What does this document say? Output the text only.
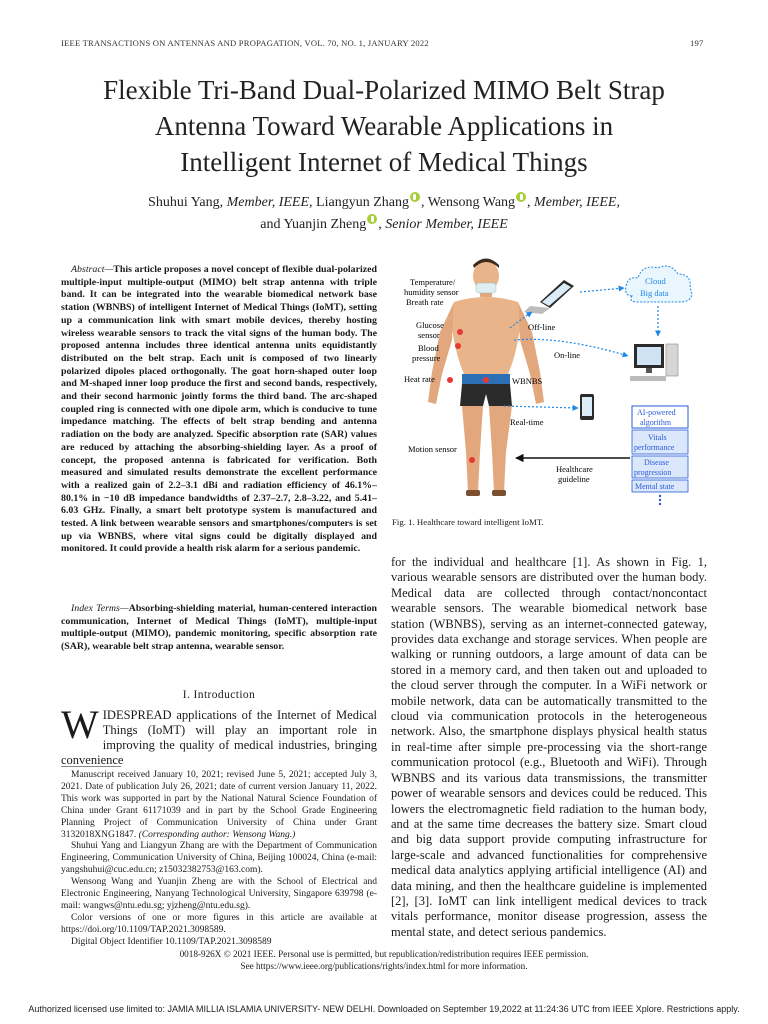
IEEE TRANSACTIONS ON ANTENNAS AND PROPAGATION, VOL. 70, NO. 1, JANUARY 2022	197
Flexible Tri-Band Dual-Polarized MIMO Belt Strap
Antenna Toward Wearable Applications in
Intelligent Internet of Medical Things
Shuhui Yang, Member, IEEE, Liangyun Zhang , Wensong Wang , Member, IEEE,
and Yuanjin Zheng , Senior Member, IEEE
Abstract—This article proposes a novel concept of flexible dual-polarized multiple-input multiple-output (MIMO) belt strap antenna with triple band. It can be integrated into the wearable biomedical network base station (WBNBS) of intelligent Internet of Medical Things (IoMT), setting up a communication link with smart mobile devices, thereby hosting wireless wearable sensors to track the vital signs of the human body. The proposed antenna includes three identical antenna units equidistantly distributed on the belt strap. Each unit is composed of two linearly polarized dipoles placed orthogonally. The goat horn-shaped outer loop and M-shaped inner loop produce the first and second bands, respectively, and their second harmonic jointly forms the third band. The arc-shaped coupled ring is connected with one dipole arm, which is conducive to tune impedance matching. The effects of belt strap bending and antenna radiation on the body are analyzed. Specific absorption rate (SAR) values are reduced by attaching the absorbing-shielding layer. As a proof of concept, the proposed antenna is fabricated for verification. Both measured and simulated results demonstrate the excellent performance with a realized gain of 2.2–3.1 dBi and radiation efficiency of 46.1%–80.1% in −10 dB impedance bandwidths of 2.37–2.7, 2.8–3.22, and 5.41–6.03 GHz. Finally, a smart belt prototype system is manufactured and tested. A link between wearable sensors and smartphones/computers is set up via WBNBS, where vital signs could be digitally displayed and monitored. It could provide a health risk alarm for a serious pandemic.
Index Terms—Absorbing-shielding material, human-centered interaction communication, Internet of Medical Things (IoMT), multiple-input multiple-output (MIMO), pandemic monitoring, specific absorption rate (SAR), wearable belt strap antenna, wearable sensor.
I. Introduction
WIDESPREAD applications of the Internet of Medical Things (IoMT) will play an important role in improving the quality of medical industries, bringing convenience

Manuscript received January 10, 2021; revised June 5, 2021; accepted July 3, 2021. Date of publication July 26, 2021; date of current version January 11, 2022. This work was supported in part by the National Natural Science Foundation of China under Grant 61171039 and in part by the School Grade Engineering Planning Project of Communication University of China under Grant 3132018XNG1847. (Corresponding author: Wensong Wang.)

Shuhui Yang and Liangyun Zhang are with the Department of Communication Engineering, Communication University of China, Beijing 100024, China (e-mail: yangshuhui@cuc.edu.cn; z15032382753@163.com).

Wensong Wang and Yuanjin Zheng are with the School of Electrical and Electronic Engineering, Nanyang Technological University, Singapore 639798 (e-mail: wangws@ntu.edu.sg; yjzheng@ntu.edu.sg).

Color versions of one or more figures in this article are available at https://doi.org/10.1109/TAP.2021.3098589.

Digital Object Identifier 10.1109/TAP.2021.3098589

Temperature/
humidity sensor
Breath rate
Glucose
sensor
Blood
pressure
Heat rate
Motion sensor
Off-line
Cloud
Big data
On-line
WBNBS
Real-time
Healthcare
guideline
AI-powered
algorithm
Vitals
performance
Disease
progression
Mental state
Fig. 1. Healthcare toward intelligent IoMT.
for the individual and healthcare [1]. As shown in Fig. 1, various wearable sensors are distributed over the human body. Medical data are collected through contact/noncontact wearable sensors. The wearable biomedical network base station (WBNBS), serving as an internet-connected gateway, provides data exchange and storage services. When people are walking or running outdoors, a large amount of data can be stored in a memory card, and then taken out and uploaded to the cloud server through the computer. In a WiFi network or mobile network, data can be automatically transmitted to the cloud via communication protocols in the heterogeneous network. Also, the smartphone displays physical health status in real-time after simple pre-processing via the short-range communication protocol (e.g., Bluetooth and WiFi). Through WBNBS and its various data transmissions, the transmitter power of wearable sensors and devices could be reduced. This lowers the electromagnetic field radiation to the human body, and at the same time decreases the battery size. Smart cloud and big data support provide computing infrastructure for large-scale and advanced functionalities for comprehensive medical data analytics applying artificial intelligence (AI) and data mining, and then the healthcare guideline is implemented [2], [3]. IoMT can link intelligent medical devices to track vitals performance, monitor disease progression, assess the mental state, and detect serious pandemics.
0018-926X © 2021 IEEE. Personal use is permitted, but republication/redistribution requires IEEE permission.
See https://www.ieee.org/publications/rights/index.html for more information.
Authorized licensed use limited to: JAMIA MILLIA ISLAMIA UNIVERSITY- NEW DELHI. Downloaded on September 19,2022 at 11:24:36 UTC from IEEE Xplore. Restrictions apply.
